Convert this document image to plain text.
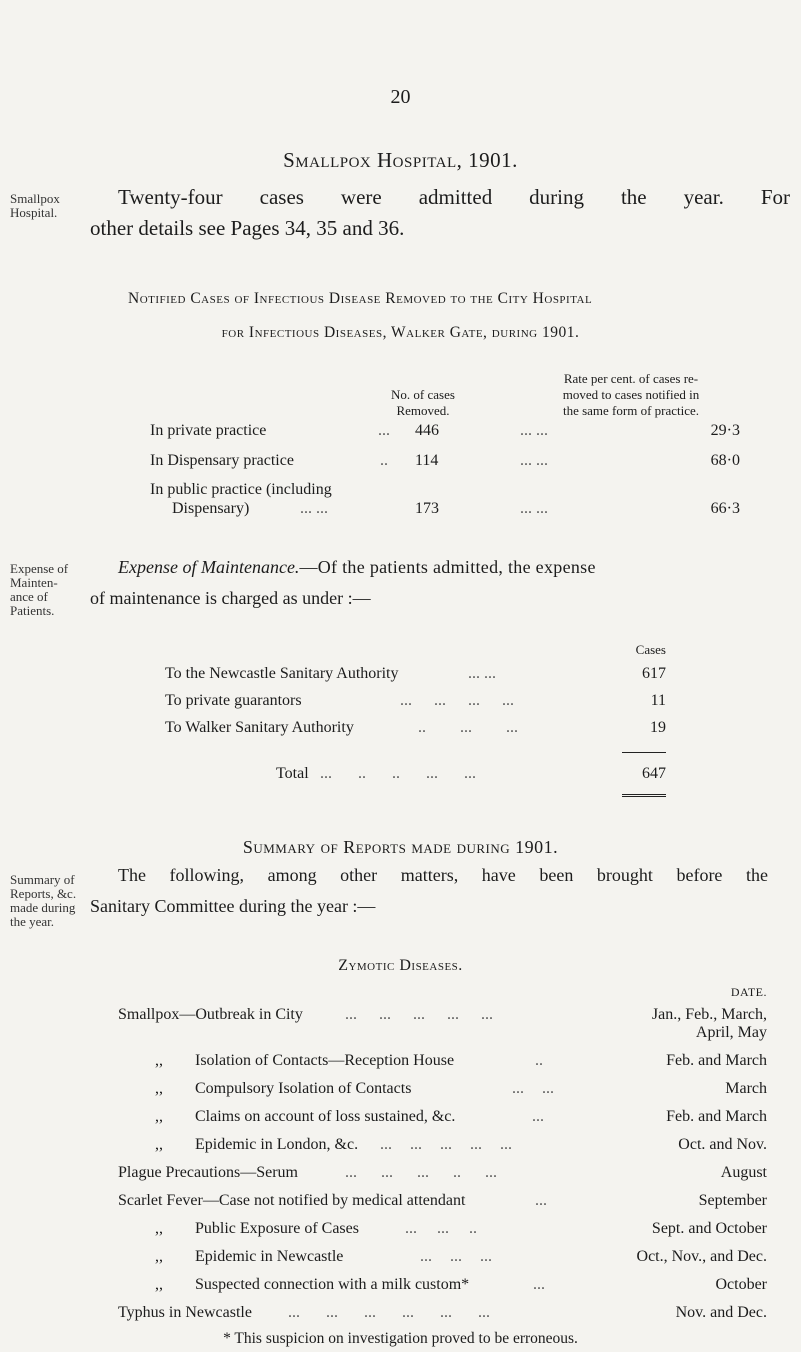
20
Smallpox Hospital, 1901.
Smallpox
Hospital.
Twenty-four cases were admitted during the year. For
other details see Pages 34, 35 and 36.
Notified Cases of Infectious Disease Removed to the City Hospital
for Infectious Diseases, Walker Gate, during 1901.
No. of cases
Removed.
Rate per cent. of cases re-
moved to cases notified in
the same form of practice.
In private practice	... 446	... ...	29·3
In Dispensary practice	.. 114	... ...	68·0
In public practice (including
Dispensary)	... ...	173	... ...	66·3
Expense of
Mainten-
ance of
Patients.
Expense of Maintenance.—Of the patients admitted, the expense
of maintenance is charged as under :—
Cases
To the Newcastle Sanitary Authority	... ...	617
To private guarantors	... ... ... ...	11
To Walker Sanitary Authority	.. ... ...	19
Total ... .. .. ... ...	647
Summary of Reports made during 1901.
Summary of
Reports, &c.
made during
the year.
The following, among other matters, have been brought before the
Sanitary Committee during the year :—
Zymotic Diseases.
DATE.
Smallpox—Outbreak in City	... ... ... ... ...	Jan., Feb., March,
April, May
,, Isolation of Contacts—Reception House	..	Feb. and March
,, Compulsory Isolation of Contacts	... ...	March
,, Claims on account of loss sustained, &c.	...	Feb. and March
,, Epidemic in London, &c. ... ... ... ... ...	Oct. and Nov.
Plague Precautions—Serum	... ... ... .. ...	August
Scarlet Fever—Case not notified by medical attendant	...	September
,, Public Exposure of Cases	... ... ..	Sept. and October
,, Epidemic in Newcastle	... ... ...	Oct., Nov., and Dec.
,, Suspected connection with a milk custom*	...	October
Typhus in Newcastle ... ... ... ... ... ...	Nov. and Dec.
* This suspicion on investigation proved to be erroneous.
